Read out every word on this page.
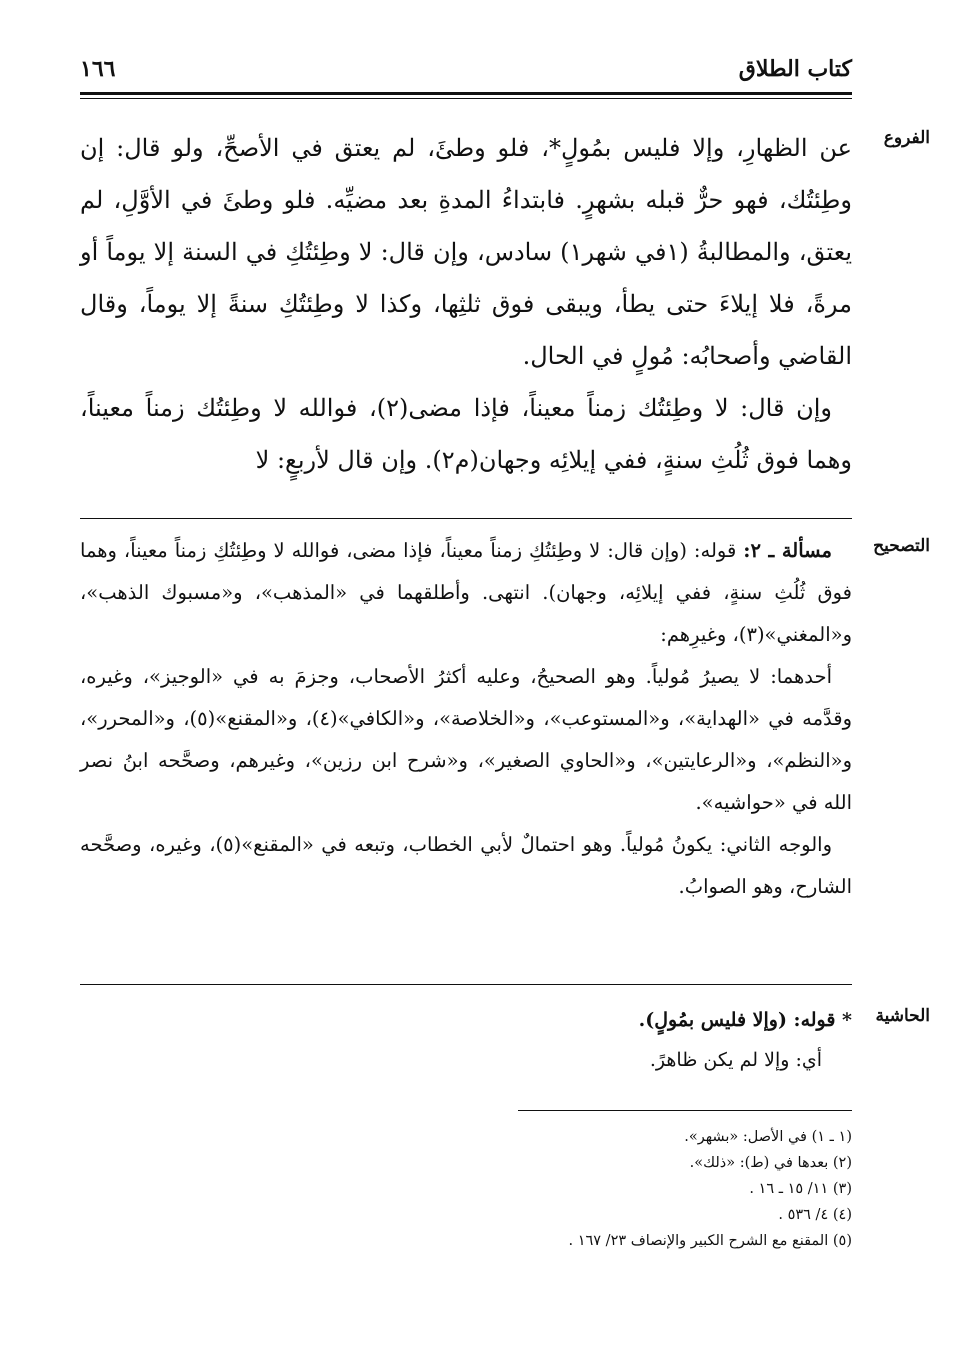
كتاب الطلاق
١٦٦
الفروع

عن الظهارِ، وإلا فليس بمُولٍ*، فلو وطئَ، لم يعتق في الأصحِّ، ولو قال: إن وطِئتُك، فهو حرٌّ قبله بشهرٍ. فابتداءُ المدةِ بعد مضيِّه. فلو وطئَ في الأوَّلِ، لم يعتق، والمطالبةُ (١في شهر١) سادس، وإن قال: لا وطِئتُكِ في السنة إلا يوماً أو مرةً، فلا إيلاءَ حتى يطأ، ويبقى فوق ثلثِها، وكذا لا وطِئتُكِ سنةً إلا يوماً، وقال القاضي وأصحابُه: مُولٍ في الحال.

وإن قال: لا وطِئتُك زمناً معيناً، فإذا مضى(٢)، فوالله لا وطِئتُك زمناً معيناً، وهما فوق ثُلُثِ سنةٍ، ففي إيلائِه وجهان(م٢). وإن قال لأربعٍ: لا

التصحيح

مسألة ـ ٢: قوله: (وإن قال: لا وطِئتُكِ زمناً معيناً، فإذا مضى، فوالله لا وطِئتُكِ زمناً معيناً، وهما فوق ثُلُثِ سنةٍ، ففي إيلائِه، وجهان). انتهى. وأطلقهما في «المذهب»، و«مسبوك الذهب»، و«المغني»(٣)، وغيرِهم:

أحدهما: لا يصيرُ مُولياً. وهو الصحيحُ، وعليه أكثرُ الأصحاب، وجزمَ به في «الوجيز»، وغيره، وقدَّمه في «الهداية»، و«المستوعب»، و«الخلاصة»، و«الكافي»(٤)، و«المقنع»(٥)، و«المحرر»، و«النظم»، و«الرعايتين»، و«الحاوي الصغير»، و«شرح ابن رزين»، وغيرهم، وصحَّحه ابنُ نصر الله في «حواشيه».

والوجه الثاني: يكونُ مُولياً. وهو احتمالٌ لأبي الخطاب، وتبعه في «المقنع»(٥)، وغيره، وصحَّحه الشارح، وهو الصوابُ.

الحاشية

* قوله: (وإلا فليس بمُولٍ).

أي: وإلا لم يكن ظاهرً.

(١ ـ ١) في الأصل: «بشهر».
(٢) بعدها في (ط): «ذلك».
(٣) ١١/ ١٥ ـ ١٦ .
(٤) ٤/ ٥٣٦ .
(٥) المقنع مع الشرح الكبير والإنصاف ٢٣/ ١٦٧ .
